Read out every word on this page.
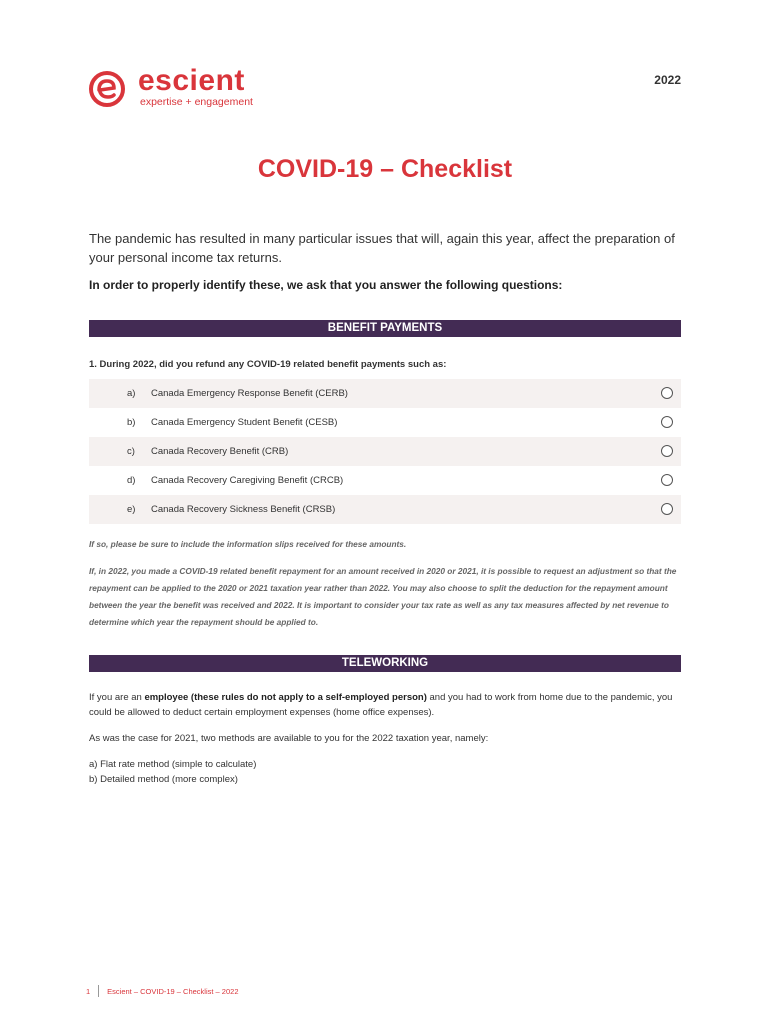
escient
expertise + engagement
2022
COVID-19 – Checklist
The pandemic has resulted in many particular issues that will, again this year, affect the preparation of your personal income tax returns.
In order to properly identify these, we ask that you answer the following questions:
BENEFIT PAYMENTS
1. During 2022, did you refund any COVID-19 related benefit payments such as:
a) Canada Emergency Response Benefit (CERB)
b) Canada Emergency Student Benefit (CESB)
c) Canada Recovery Benefit (CRB)
d) Canada Recovery Caregiving Benefit (CRCB)
e) Canada Recovery Sickness Benefit (CRSB)
If so, please be sure to include the information slips received for these amounts.
If, in 2022, you made a COVID-19 related benefit repayment for an amount received in 2020 or 2021, it is possible to request an adjustment so that the repayment can be applied to the 2020 or 2021 taxation year rather than 2022. You may also choose to split the deduction for the repayment amount between the year the benefit was received and 2022. It is important to consider your tax rate as well as any tax measures affected by net revenue to determine which year the repayment should be applied to.
TELEWORKING
If you are an employee (these rules do not apply to a self-employed person) and you had to work from home due to the pandemic, you could be allowed to deduct certain employment expenses (home office expenses).
As was the case for 2021, two methods are available to you for the 2022 taxation year, namely:
a) Flat rate method (simple to calculate)
b) Detailed method (more complex)
1 Escient – COVID-19 – Checklist – 2022
